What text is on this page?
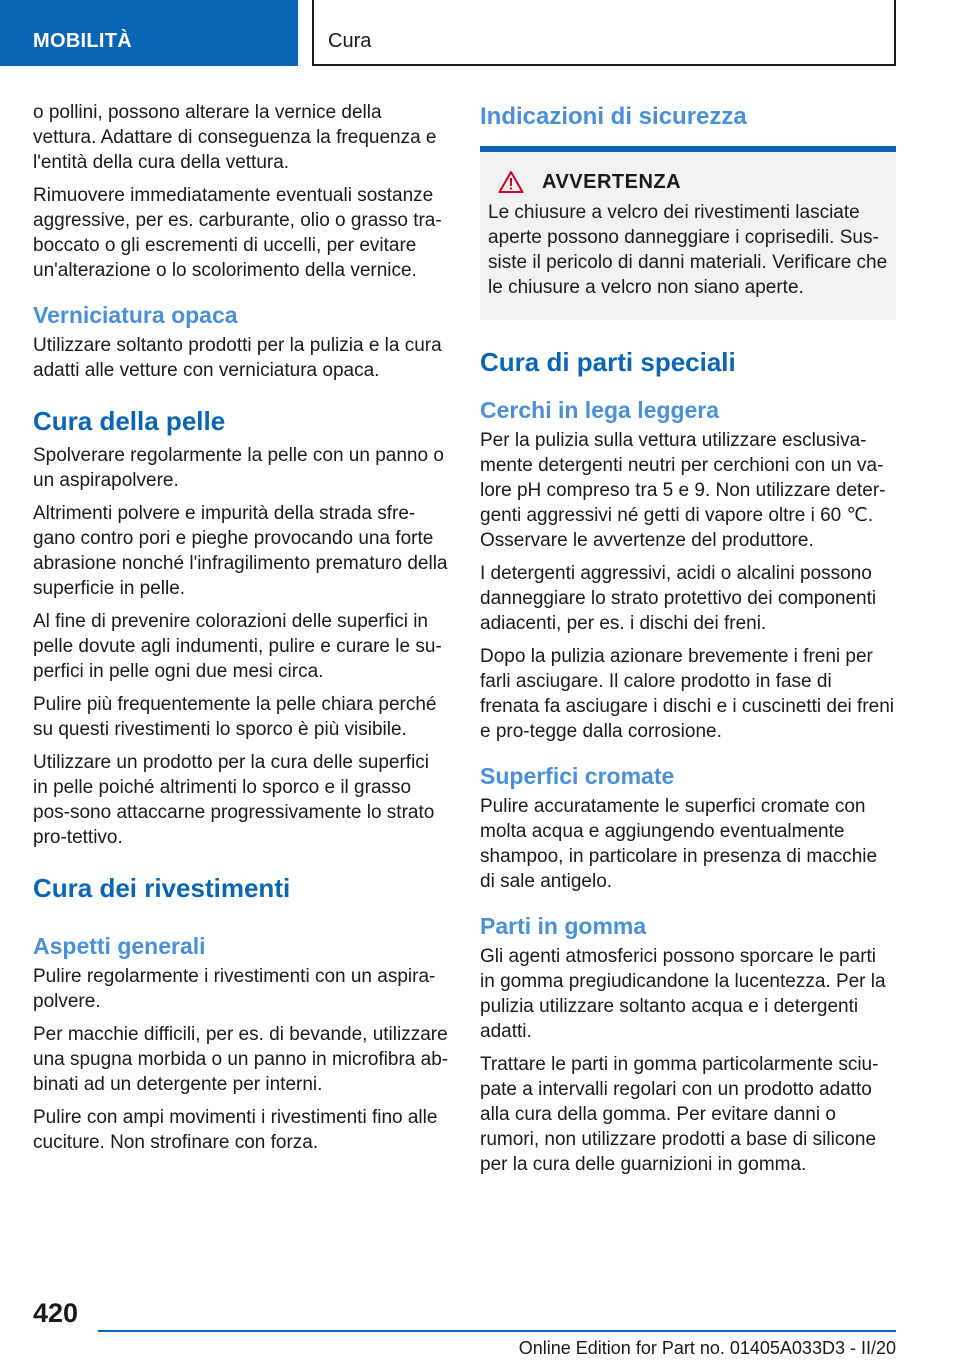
MOBILITÀ	Cura

o pollini, possono alterare la vernice della vettura. Adattare di conseguenza la frequenza e l'entità della cura della vettura.

Rimuovere immediatamente eventuali sostanze aggressive, per es. carburante, olio o grasso tra-boccato o gli escrementi di uccelli, per evitare un'alterazione o lo scolorimento della vernice.

Verniciatura opaca

Utilizzare soltanto prodotti per la pulizia e la cura adatti alle vetture con verniciatura opaca.

Cura della pelle

Spolverare regolarmente la pelle con un panno o un aspirapolvere.

Altrimenti polvere e impurità della strada sfre-gano contro pori e pieghe provocando una forte abrasione nonché l'infragilimento prematuro della superficie in pelle.

Al fine di prevenire colorazioni delle superfici in pelle dovute agli indumenti, pulire e curare le su-perfici in pelle ogni due mesi circa.

Pulire più frequentemente la pelle chiara perché su questi rivestimenti lo sporco è più visibile.

Utilizzare un prodotto per la cura delle superfici in pelle poiché altrimenti lo sporco e il grasso pos-sono attaccarne progressivamente lo strato pro-tettivo.

Cura dei rivestimenti
Aspetti generali

Pulire regolarmente i rivestimenti con un aspira-polvere.

Per macchie difficili, per es. di bevande, utilizzare una spugna morbida o un panno in microfibra ab-binati ad un detergente per interni.

Pulire con ampi movimenti i rivestimenti fino alle cuciture. Non strofinare con forza.

Indicazioni di sicurezza
AVVERTENZA

Le chiusure a velcro dei rivestimenti lasciate aperte possono danneggiare i coprisedili. Sus-siste il pericolo di danni materiali. Verificare che le chiusure a velcro non siano aperte.

Cura di parti speciali
Cerchi in lega leggera

Per la pulizia sulla vettura utilizzare esclusiva-mente detergenti neutri per cerchioni con un va-lore pH compreso tra 5 e 9. Non utilizzare deter-genti aggressivi né getti di vapore oltre i 60 ℃. Osservare le avvertenze del produttore.

I detergenti aggressivi, acidi o alcalini possono danneggiare lo strato protettivo dei componenti adiacenti, per es. i dischi dei freni.

Dopo la pulizia azionare brevemente i freni per farli asciugare. Il calore prodotto in fase di frenata fa asciugare i dischi e i cuscinetti dei freni e pro-tegge dalla corrosione.

Superfici cromate

Pulire accuratamente le superfici cromate con molta acqua e aggiungendo eventualmente shampoo, in particolare in presenza di macchie di sale antigelo.

Parti in gomma

Gli agenti atmosferici possono sporcare le parti in gomma pregiudicandone la lucentezza. Per la pulizia utilizzare soltanto acqua e i detergenti adatti.

Trattare le parti in gomma particolarmente sciu-pate a intervalli regolari con un prodotto adatto alla cura della gomma. Per evitare danni o rumori, non utilizzare prodotti a base di silicone per la cura delle guarnizioni in gomma.

420
Online Edition for Part no. 01405A033D3 - II/20
